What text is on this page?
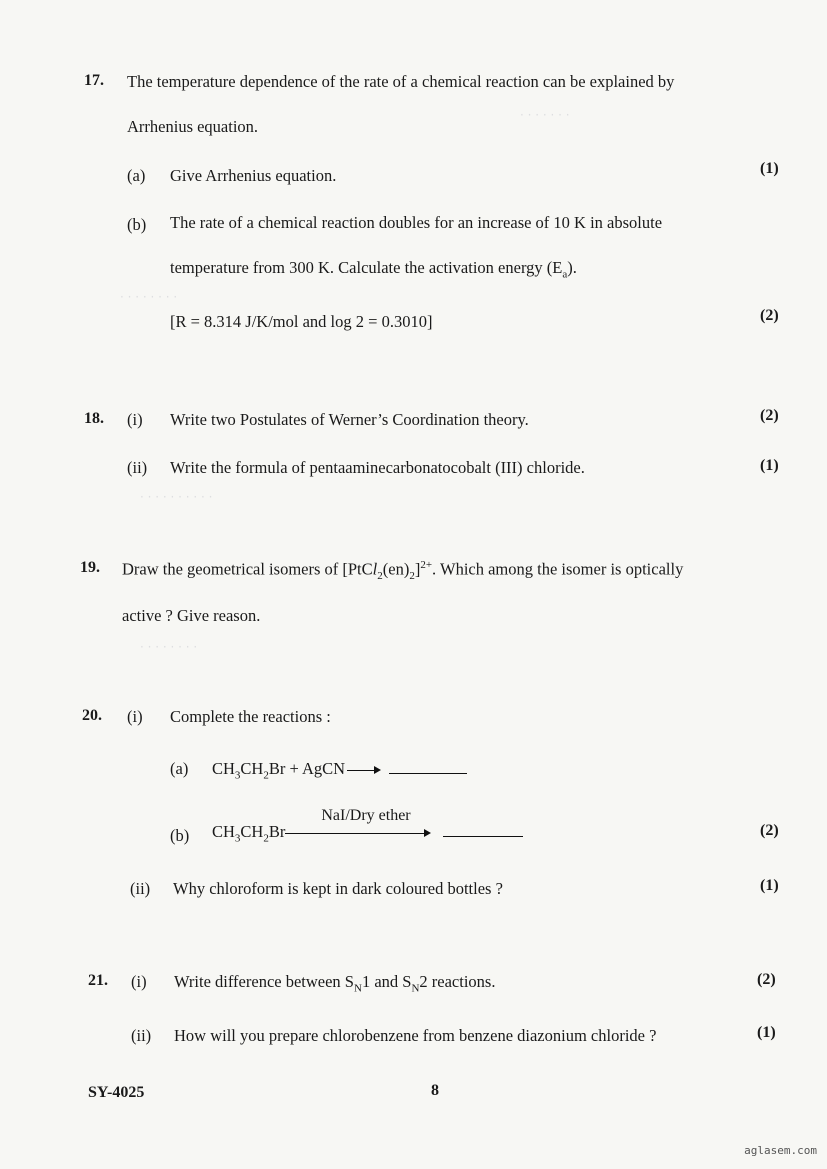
· · · · · · ·
· · · · · · · ·
· · · · · · · · · ·
· · · · · · · ·
17. The temperature dependence of the rate of a chemical reaction can be explained by
Arrhenius equation.
(a) Give Arrhenius equation.	(1)
(b) The rate of a chemical reaction doubles for an increase of 10 K in absolute
temperature from 300 K. Calculate the activation energy $(E_a)$.
[R = 8.314 J/K/mol and log 2 = 0.3010]	(2)
18. (i) Write two Postulates of Werner’s Coordination theory.	(2)
(ii) Write the formula of pentaaminecarbonatocobalt (III) chloride.	(1)
19. Draw the geometrical isomers of $[PtCl_2(en)_2]^{2+}$. Which among the isomer is optically
active ? Give reason.
20. (i) Complete the reactions :
(a) $CH_3CH_2Br$ + AgCN
(b) $CH_3CH_2Br$
NaI/Dry ether
(2)
(ii) Why chloroform is kept in dark coloured bottles ?	(1)
21. (i) Write difference between $S_N1$ and $S_N2$ reactions.	(2)
(ii) How will you prepare chlorobenzene from benzene diazonium chloride ?	(1)
SY-4025	8
aglasem.com
